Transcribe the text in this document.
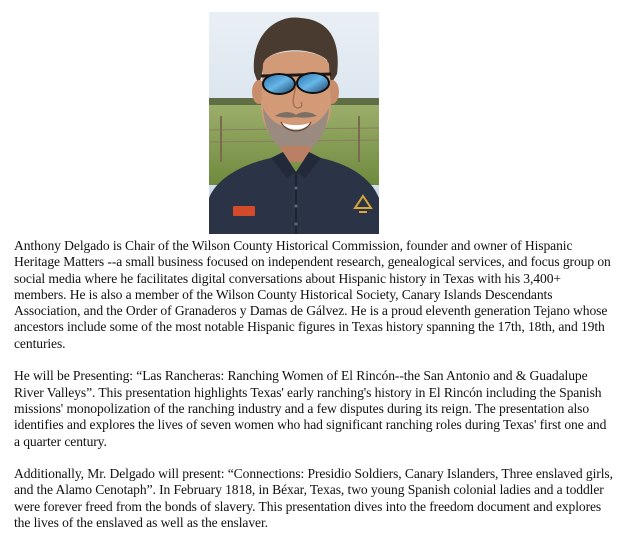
Anthony Delgado is Chair of the Wilson County Historical Commission, founder and owner of Hispanic Heritage Matters --a small business focused on independent research, genealogical services, and focus group on social media where he facilitates digital conversations about Hispanic history in Texas with his 3,400+ members. He is also a member of the Wilson County Historical Society, Canary Islands Descendants Association, and the Order of Granaderos y Damas de Gálvez. He is a proud eleventh generation Tejano whose ancestors include some of the most notable Hispanic figures in Texas history spanning the 17th, 18th, and 19th centuries.

He will be Presenting: “Las Rancheras: Ranching Women of El Rincón--the San Antonio and & Guadalupe River Valleys”. This presentation highlights Texas' early ranching's history in El Rincón including the Spanish missions' monopolization of the ranching industry and a few disputes during its reign. The presentation also identifies and explores the lives of seven women who had significant ranching roles during Texas' first one and a quarter century.

Additionally, Mr. Delgado will present: “Connections: Presidio Soldiers, Canary Islanders, Three enslaved girls, and the Alamo Cenotaph”. In February 1818, in Béxar, Texas, two young Spanish colonial ladies and a toddler were forever freed from the bonds of slavery. This presentation dives into the freedom document and explores the lives of the enslaved as well as the enslaver.
